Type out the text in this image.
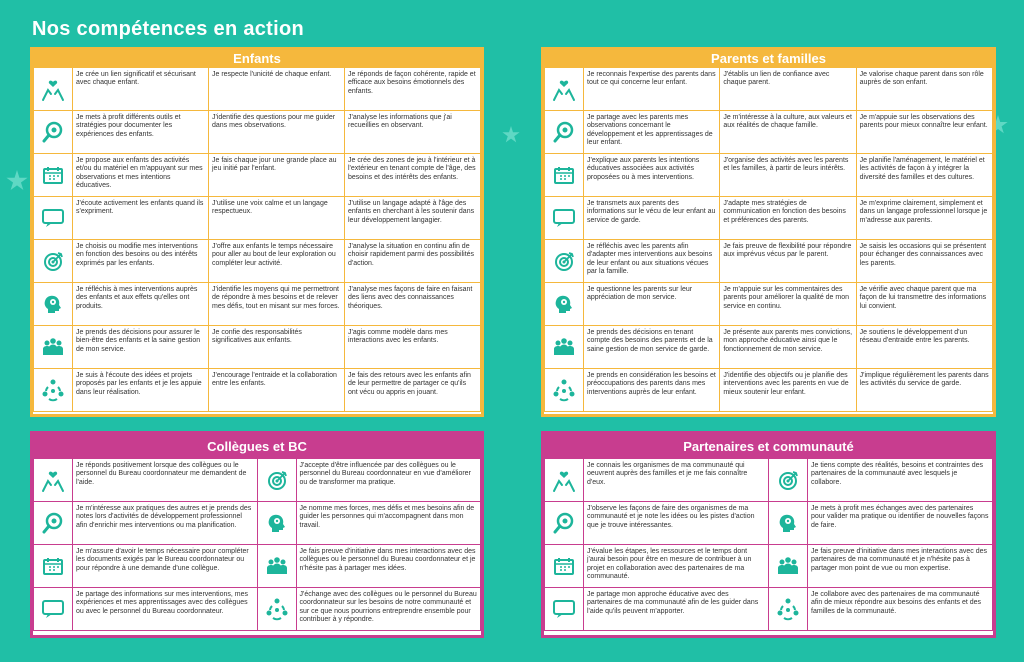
Nos compétences en action
Enfants
	Je crée un lien significatif et sécurisant avec chaque enfant.	Je respecte l'unicité de chaque enfant.	Je réponds de façon cohérente, rapide et efficace aux besoins émotionnels des enfants.

	Je mets à profit différents outils et stratégies pour documenter les expériences des enfants.	J'identifie des questions pour me guider dans mes observations.	J'analyse les informations que j'ai recueillies en observant.

	Je propose aux enfants des activités et/ou du matériel en m'appuyant sur mes observations et mes intentions éducatives.	Je fais chaque jour une grande place au jeu initié par l'enfant.	Je crée des zones de jeu à l'intérieur et à l'extérieur en tenant compte de l'âge, des besoins et des intérêts des enfants.

	J'écoute activement les enfants quand ils s'expriment.	J'utilise une voix calme et un langage respectueux.	J'utilise un langage adapté à l'âge des enfants en cherchant à les soutenir dans leur développement langagier.

	Je choisis ou modifie mes interventions en fonction des besoins ou des intérêts exprimés par les enfants.	J'offre aux enfants le temps nécessaire pour aller au bout de leur exploration ou compléter leur activité.	J'analyse la situation en continu afin de choisir rapidement parmi des possibilités d'action.

	Je réfléchis à mes interventions auprès des enfants et aux effets qu'elles ont produits.	J'identifie les moyens qui me permettront de répondre à mes besoins et de relever mes défis, tout en misant sur mes forces.	J'analyse mes façons de faire en faisant des liens avec des connaissances théoriques.

	Je prends des décisions pour assurer le bien-être des enfants et la saine gestion de mon service.	Je confie des responsabilités significatives aux enfants.	J'agis comme modèle dans mes interactions avec les enfants.

	Je suis à l'écoute des idées et projets proposés par les enfants et je les appuie dans leur réalisation.	J'encourage l'entraide et la collaboration entre les enfants.	Je fais des retours avec les enfants afin de leur permettre de partager ce qu'ils ont vécu ou appris en jouant.
Parents et familles
	Je reconnais l'expertise des parents dans tout ce qui concerne leur enfant.	J'établis un lien de confiance avec chaque parent.	Je valorise chaque parent dans son rôle auprès de son enfant.

	Je partage avec les parents mes observations concernant le développement et les apprentissages de leur enfant.	Je m'intéresse à la culture, aux valeurs et aux réalités de chaque famille.	Je m'appuie sur les observations des parents pour mieux connaître leur enfant.

	J'explique aux parents les intentions éducatives associées aux activités proposées ou à mes interventions.	J'organise des activités avec les parents et les familles, à partir de leurs intérêts.	Je planifie l'aménagement, le matériel et les activités de façon à y intégrer la diversité des familles et des cultures.

	Je transmets aux parents des informations sur le vécu de leur enfant au service de garde.	J'adapte mes stratégies de communication en fonction des besoins et préférences des parents.	Je m'exprime clairement, simplement et dans un langage professionnel lorsque je m'adresse aux parents.

	Je réfléchis avec les parents afin d'adapter mes interventions aux besoins de leur enfant ou aux situations vécues par la famille.	Je fais preuve de flexibilité pour répondre aux imprévus vécus par le parent.	Je saisis les occasions qui se présentent pour échanger des connaissances avec les parents.

	Je questionne les parents sur leur appréciation de mon service.	Je m'appuie sur les commentaires des parents pour améliorer la qualité de mon service en continu.	Je vérifie avec chaque parent que ma façon de lui transmettre des informations lui convient.

	Je prends des décisions en tenant compte des besoins des parents et de la saine gestion de mon service de garde.	Je présente aux parents mes convictions, mon approche éducative ainsi que le fonctionnement de mon service.	Je soutiens le développement d'un réseau d'entraide entre les parents.

	Je prends en considération les besoins et préoccupations des parents dans mes interventions auprès de leur enfant.	J'identifie des objectifs ou je planifie des interventions avec les parents en vue de mieux soutenir leur enfant.	J'implique régulièrement les parents dans les activités du service de garde.
Collègues et BC
	Je réponds positivement lorsque des collègues ou le personnel du Bureau coordonnateur me demandent de l'aide.		J'accepte d'être influencée par des collègues ou le personnel du Bureau coordonnateur en vue d'améliorer ou de transformer ma pratique.

	Je m'intéresse aux pratiques des autres et je prends des notes lors d'activités de développement professionnel afin d'enrichir mes interventions ou ma planification.		Je nomme mes forces, mes défis et mes besoins afin de guider les personnes qui m'accompagnent dans mon travail.

	Je m'assure d'avoir le temps nécessaire pour compléter les documents exigés par le Bureau coordonnateur ou pour répondre à une demande d'une collègue.		Je fais preuve d'initiative dans mes interactions avec des collègues ou le personnel du Bureau coordonnateur et je n'hésite pas à partager mes idées.

	Je partage des informations sur mes interventions, mes expériences et mes apprentissages avec des collègues ou avec le personnel du Bureau coordonnateur.		J'échange avec des collègues ou le personnel du Bureau coordonnateur sur les besoins de notre communauté et sur ce que nous pourrions entreprendre ensemble pour contribuer à y répondre.
Partenaires et communauté
	Je connais les organismes de ma communauté qui oeuvrent auprès des familles et je me fais connaître d'eux.		Je tiens compte des réalités, besoins et contraintes des partenaires de la communauté avec lesquels je collabore.

	J'observe les façons de faire des organismes de ma communauté et je note les idées ou les pistes d'action que je trouve intéressantes.		Je mets à profit mes échanges avec des partenaires pour valider ma pratique ou identifier de nouvelles façons de faire.

	J'évalue les étapes, les ressources et le temps dont j'aurai besoin pour être en mesure de contribuer à un projet en collaboration avec des partenaires de ma communauté.		Je fais preuve d'initiative dans mes interactions avec des partenaires de ma communauté et je n'hésite pas à partager mon point de vue ou mon expertise.

	Je partage mon approche éducative avec des partenaires de ma communauté afin de les guider dans l'aide qu'ils peuvent m'apporter.		Je collabore avec des partenaires de ma communauté afin de mieux répondre aux besoins des enfants et des familles de la communauté.
